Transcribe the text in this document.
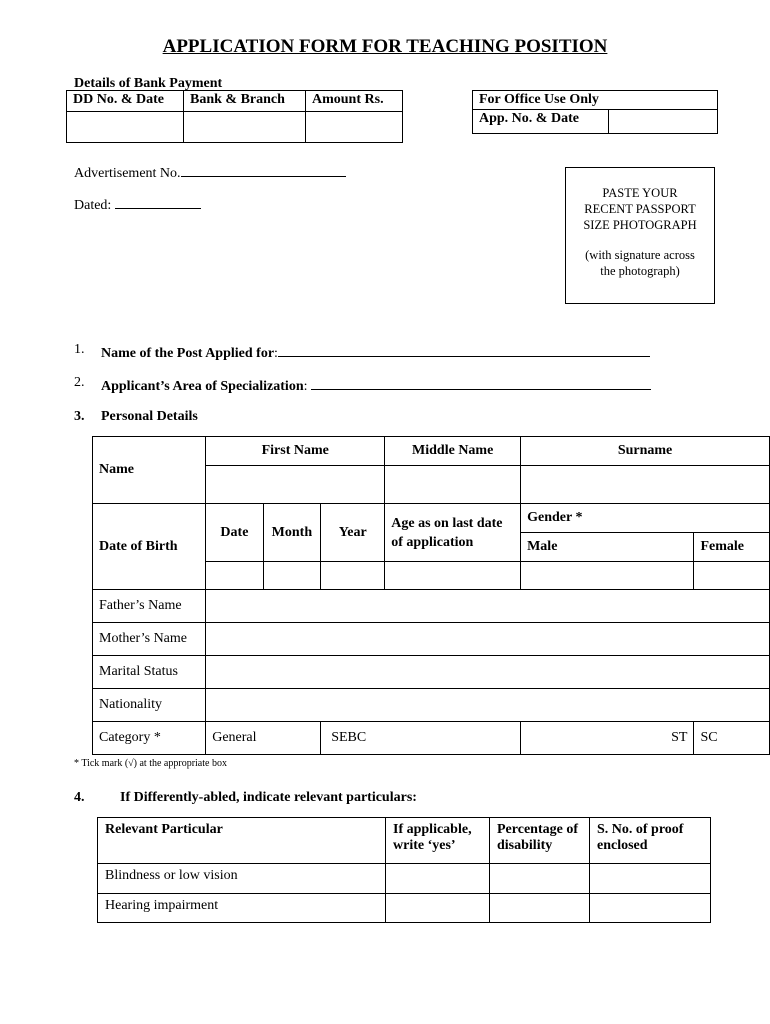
APPLICATION FORM FOR TEACHING POSITION
Details of Bank Payment
DD No. & Date	Bank & Branch	Amount Rs.
			For Office Use Only
App. No. & Date	
Advertisement No.
Dated:
PASTE YOUR
RECENT PASSPORT
SIZE PHOTOGRAPH
(with signature across
the photograph)
1. Name of the Post Applied for:
2. Applicant’s Area of Specialization:
3. Personal Details
Name	First Name			Middle Name	Surname	

Date of Birth	Date	Month	Year	Age as on last date of application	Gender *	
					Male	Female

Father’s Name						
Mother’s Name						
Marital Status						
Nationality						
Category *	General		SEBC		ST	SC
* Tick mark (√) at the appropriate box
4.	If Differently-abled, indicate relevant particulars:
Relevant Particular	If applicable, write ‘yes’	Percentage of disability	S. No. of proof enclosed
Blindness or low vision			
Hearing impairment			
